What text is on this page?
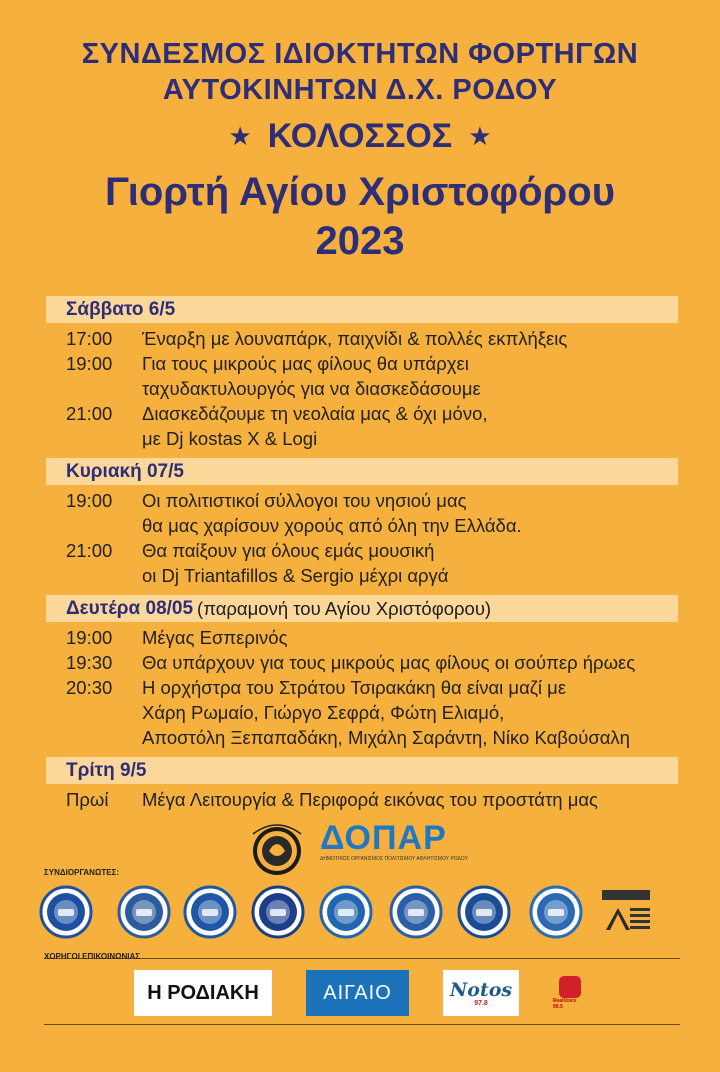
ΣΥΝΔΕΣΜΟΣ ΙΔΙΟΚΤΗΤΩΝ ΦΟΡΤΗΓΩΝ
ΑΥΤΟΚΙΝΗΤΩΝ Δ.Χ. ΡΟΔΟΥ
★ ΚΟΛΟΣΣΟΣ ★
Γιορτή Αγίου Χριστοφόρου
2023
Σάββατο 6/5
17:00	Έναρξη με λουναπάρκ, παιχνίδι & πολλές εκπλήξεις
19:00	Για τους μικρούς μας φίλους θα υπάρχει
ταχυδακτυλουργός για να διασκεδάσουμε
21:00	Διασκεδάζουμε τη νεολαία μας & όχι μόνο,
με Dj kostas X & Logi
Κυριακή 07/5
19:00	Οι πολιτιστικοί σύλλογοι του νησιού μας
θα μας χαρίσουν χορούς από όλη την Ελλάδα.
21:00	Θα παίξουν για όλους εμάς μουσική
οι Dj Triantafillos & Sergio μέχρι αργά
Δευτέρα 08/05 (παραμονή του Αγίου Χριστόφορου)
19:00	Μέγας Εσπερινός
19:30	Θα υπάρχουν για τους μικρούς μας φίλους οι σούπερ ήρωες
20:30	Η ορχήστρα του Στράτου Τσιρακάκη θα είναι μαζί με
Χάρη Ρωμαίο, Γιώργο Σεφρά, Φώτη Ελιαμό,
Αποστόλη Ξεπαπαδάκη, Μιχάλη Σαράντη, Νίκο Καβούσαλη
Τρίτη 9/5
Πρωί	Μέγα Λειτουργία & Περιφορά εικόνας του προστάτη μας
ΔΟΠΑΡ
ΔΗΜΟΤΙΚΟΣ ΟΡΓΑΝΙΣΜΟΣ ΠΟΛΙΤΙΣΜΟΥ ΑΘΛΗΤΙΣΜΟΥ ΡΟΔΟΥ
ΣΥΝΔΙΟΡΓΑΝΩΤΕΣ:
ΧΟΡΗΓΟΙ ΕΠΙΚΟΙΝΩΝΙΑΣ
Η ΡΟΔΙΑΚΗ	ΑΙΓΑΙΟ	Notos
97.8	RealVoice 99.5
